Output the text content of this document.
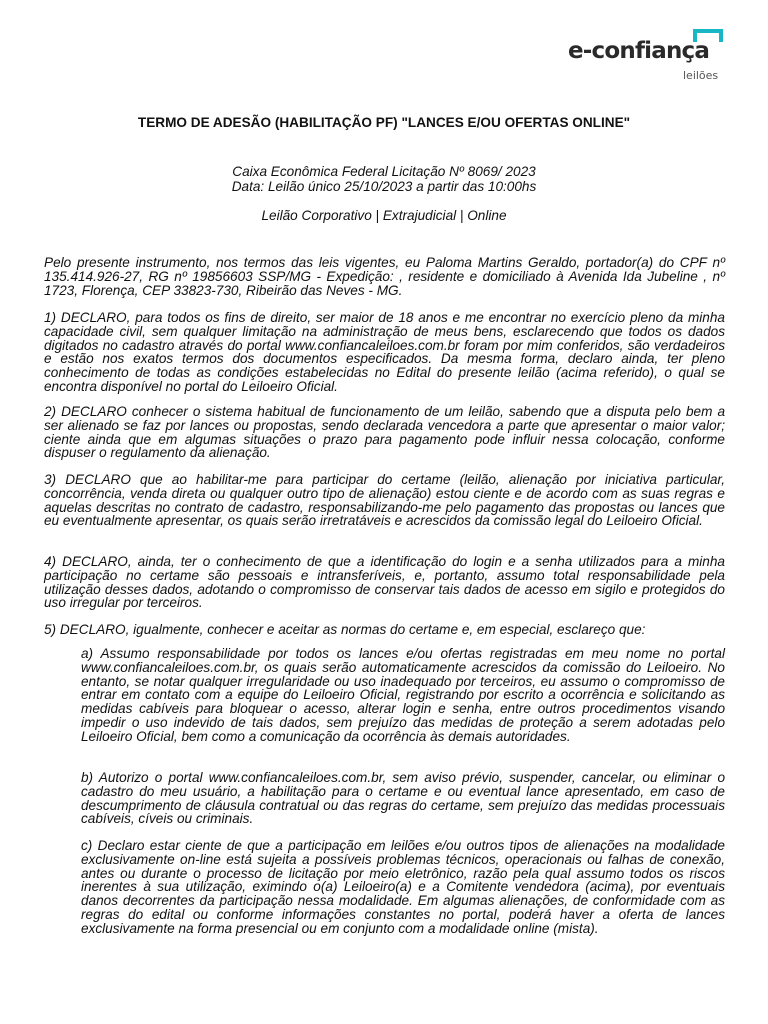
e-confiança
leilões
TERMO DE ADESÃO (HABILITAÇÃO PF) "LANCES E/OU OFERTAS ONLINE"

Caixa Econômica Federal Licitação Nº 8069/ 2023

Data: Leilão único 25/10/2023 a partir das 10:00hs

Leilão Corporativo | Extrajudicial | Online

Pelo presente instrumento, nos termos das leis vigentes, eu Paloma Martins Geraldo, portador(a) do CPF nº 135.414.926-27, RG nº 19856603 SSP/MG - Expedição: , residente e domiciliado à Avenida Ida Jubeline , nº 1723, Florença, CEP 33823-730, Ribeirão das Neves - MG.

1) DECLARO, para todos os fins de direito, ser maior de 18 anos e me encontrar no exercício pleno da minha capacidade civil, sem qualquer limitação na administração de meus bens, esclarecendo que todos os dados digitados no cadastro através do portal www.confiancaleiloes.com.br foram por mim conferidos, são verdadeiros e estão nos exatos termos dos documentos especificados. Da mesma forma, declaro ainda, ter pleno conhecimento de todas as condições estabelecidas no Edital do presente leilão (acima referido), o qual se encontra disponível no portal do Leiloeiro Oficial.

2) DECLARO conhecer o sistema habitual de funcionamento de um leilão, sabendo que a disputa pelo bem a ser alienado se faz por lances ou propostas, sendo declarada vencedora a parte que apresentar o maior valor; ciente ainda que em algumas situações o prazo para pagamento pode influir nessa colocação, conforme dispuser o regulamento da alienação.

3) DECLARO que ao habilitar-me para participar do certame (leilão, alienação por iniciativa particular, concorrência, venda direta ou qualquer outro tipo de alienação) estou ciente e de acordo com as suas regras e aquelas descritas no contrato de cadastro, responsabilizando-me pelo pagamento das propostas ou lances que eu eventualmente apresentar, os quais serão irretratáveis e acrescidos da comissão legal do Leiloeiro Oficial.

4) DECLARO, ainda, ter o conhecimento de que a identificação do login e a senha utilizados para a minha participação no certame são pessoais e intransferíveis, e, portanto, assumo total responsabilidade pela utilização desses dados, adotando o compromisso de conservar tais dados de acesso em sigilo e protegidos do uso irregular por terceiros.

5) DECLARO, igualmente, conhecer e aceitar as normas do certame e, em especial, esclareço que:

a) Assumo responsabilidade por todos os lances e/ou ofertas registradas em meu nome no portal www.confiancaleiloes.com.br, os quais serão automaticamente acrescidos da comissão do Leiloeiro. No entanto, se notar qualquer irregularidade ou uso inadequado por terceiros, eu assumo o compromisso de entrar em contato com a equipe do Leiloeiro Oficial, registrando por escrito a ocorrência e solicitando as medidas cabíveis para bloquear o acesso, alterar login e senha, entre outros procedimentos visando impedir o uso indevido de tais dados, sem prejuízo das medidas de proteção a serem adotadas pelo Leiloeiro Oficial, bem como a comunicação da ocorrência às demais autoridades.

b) Autorizo o portal www.confiancaleiloes.com.br, sem aviso prévio, suspender, cancelar, ou eliminar o cadastro do meu usuário, a habilitação para o certame e ou eventual lance apresentado, em caso de descumprimento de cláusula contratual ou das regras do certame, sem prejuízo das medidas processuais cabíveis, cíveis ou criminais.

c) Declaro estar ciente de que a participação em leilões e/ou outros tipos de alienações na modalidade exclusivamente on-line está sujeita a possíveis problemas técnicos, operacionais ou falhas de conexão, antes ou durante o processo de licitação por meio eletrônico, razão pela qual assumo todos os riscos inerentes à sua utilização, eximindo o(a) Leiloeiro(a) e a Comitente vendedora (acima), por eventuais danos decorrentes da participação nessa modalidade. Em algumas alienações, de conformidade com as regras do edital ou conforme informações constantes no portal, poderá haver a oferta de lances exclusivamente na forma presencial ou em conjunto com a modalidade online (mista).
